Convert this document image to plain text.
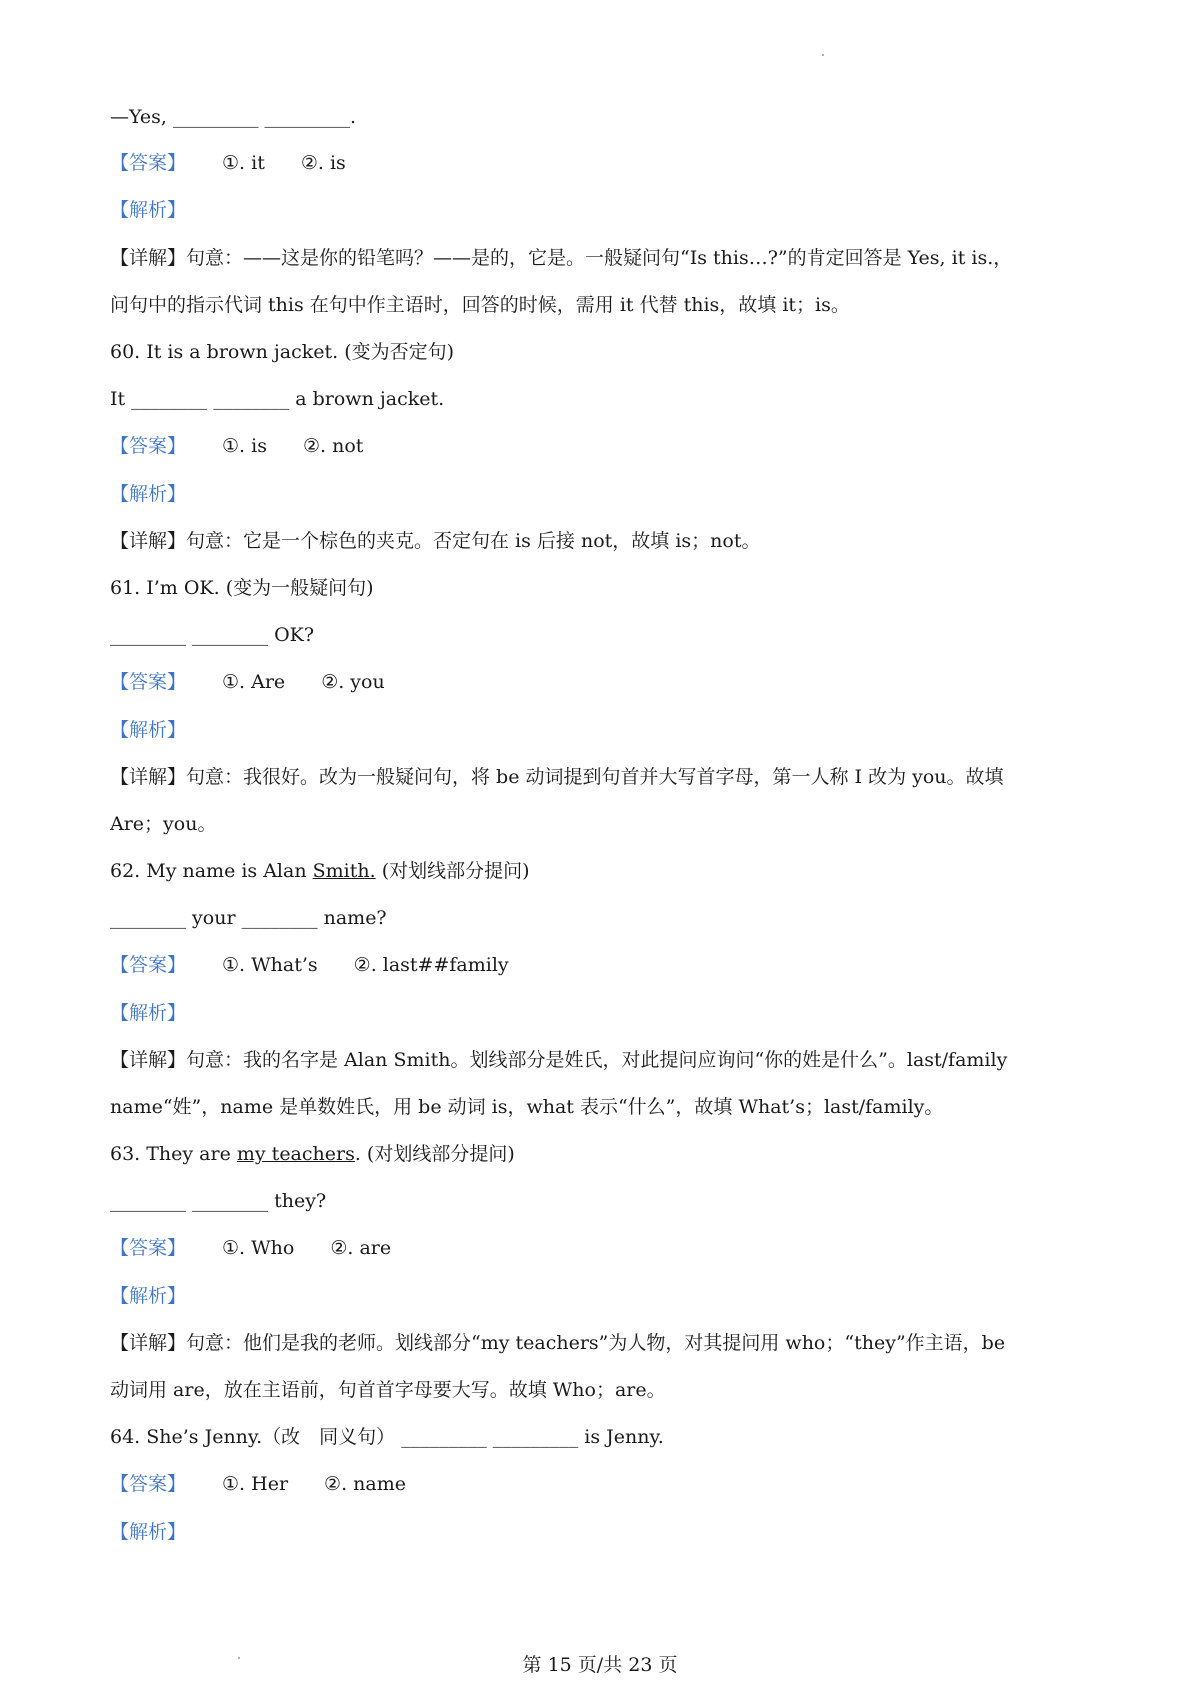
—Yes, _________ _________.
【答案】 ①. it ②. is
【解析】
【详解】句意：——这是你的铅笔吗？——是的，它是。一般疑问句“Is this…?”的肯定回答是 Yes, it is.，
问句中的指示代词 this 在句中作主语时，回答的时候，需用 it 代替 this，故填 it；is。
60. It is a brown jacket. (变为否定句)
It ________ ________ a brown jacket.
【答案】 ①. is ②. not
【解析】
【详解】句意：它是一个棕色的夹克。否定句在 is 后接 not，故填 is；not。
61. I’m OK. (变为一般疑问句)
________ ________ OK?
【答案】 ①. Are ②. you
【解析】
【详解】句意：我很好。改为一般疑问句，将 be 动词提到句首并大写首字母，第一人称 I 改为 you。故填
Are；you。
62. My name is Alan Smith. (对划线部分提问)
________ your ________ name?
【答案】 ①. What’s ②. last##family
【解析】
【详解】句意：我的名字是 Alan Smith。划线部分是姓氏，对此提问应询问“你的姓是什么”。last/family
name“姓”，name 是单数姓氏，用 be 动词 is，what 表示“什么”，故填 What’s；last/family。
63. They are my teachers. (对划线部分提问)
________ ________ they?
【答案】 ①. Who ②. are
【解析】
【详解】句意：他们是我的老师。划线部分“my teachers”为人物，对其提问用 who；“they”作主语，be
动词用 are，放在主语前，句首首字母要大写。故填 Who；are。
64. She’s Jenny.（改　同义句） _________ _________ is Jenny.
【答案】 ①. Her ②. name
【解析】
第 15 页/共 23 页
